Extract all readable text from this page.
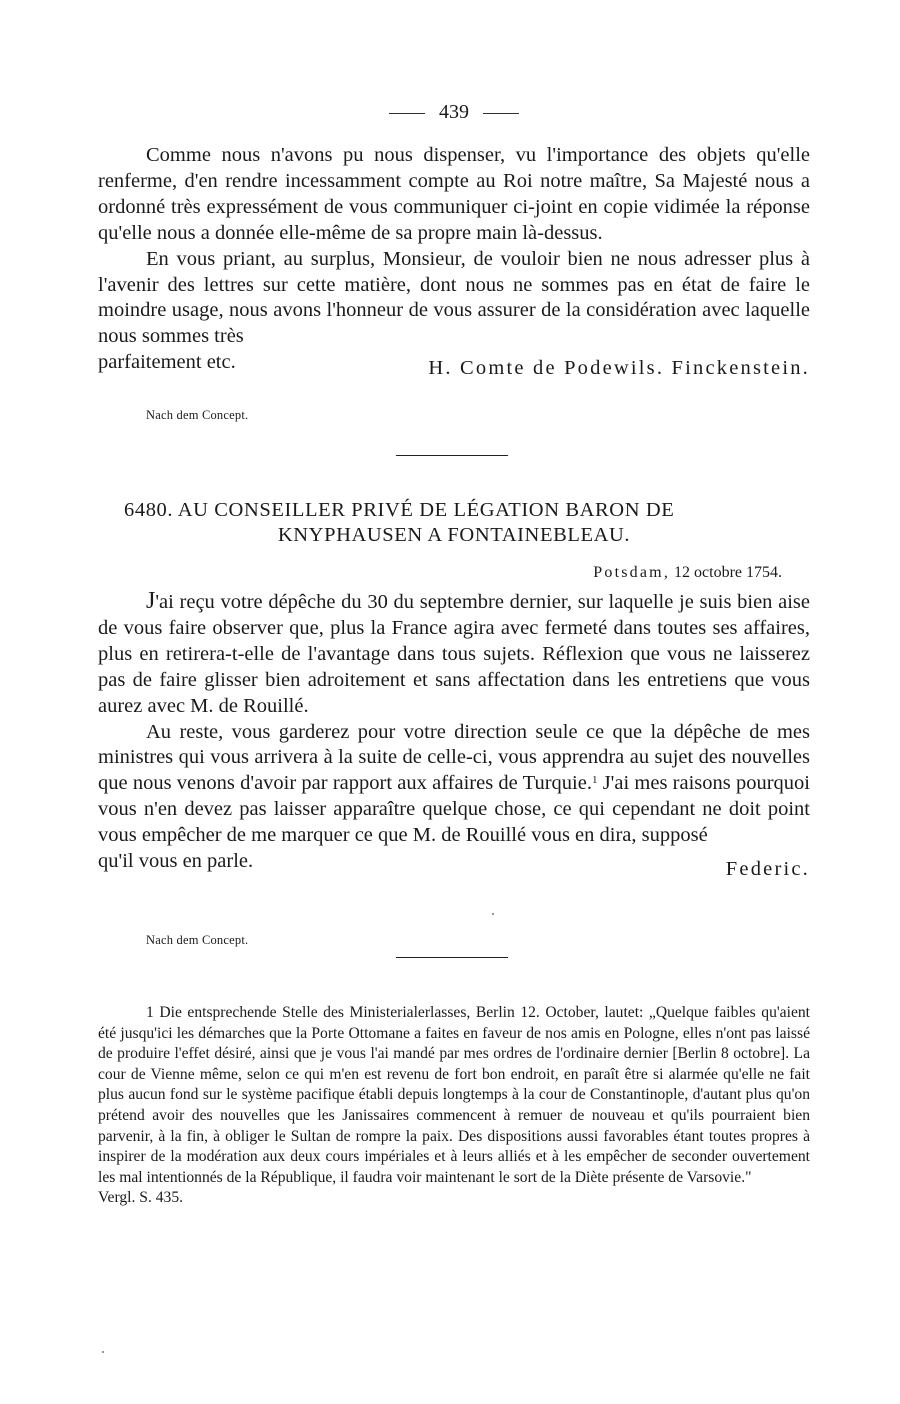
439

Comme nous n'avons pu nous dispenser, vu l'importance des objets qu'elle renferme, d'en rendre incessamment compte au Roi notre maître, Sa Majesté nous a ordonné très expressément de vous communiquer ci-joint en copie vidimée la réponse qu'elle nous a donnée elle-même de sa propre main là-dessus.

En vous priant, au surplus, Monsieur, de vouloir bien ne nous adresser plus à l'avenir des lettres sur cette matière, dont nous ne sommes pas en état de faire le moindre usage, nous avons l'honneur de vous assurer de la considération avec laquelle nous sommes très

parfaitement etc.	H. Comte de Podewils. Finckenstein.
Nach dem Concept.
6480. AU CONSEILLER PRIVÉ DE LÉGATION BARON DE
KNYPHAUSEN A FONTAINEBLEAU.
Potsdam, 12 octobre 1754.

J'ai reçu votre dépêche du 30 du septembre dernier, sur laquelle je suis bien aise de vous faire observer que, plus la France agira avec fermeté dans toutes ses affaires, plus en retirera-t-elle de l'avantage dans tous sujets. Réflexion que vous ne laisserez pas de faire glisser bien adroitement et sans affectation dans les entretiens que vous aurez avec M. de Rouillé.

Au reste, vous garderez pour votre direction seule ce que la dépêche de mes ministres qui vous arrivera à la suite de celle-ci, vous apprendra au sujet des nouvelles que nous venons d'avoir par rapport aux affaires de Turquie.$^1$ J'ai mes raisons pourquoi vous n'en devez pas laisser apparaître quelque chose, ce qui cependant ne doit point vous empêcher de me marquer ce que M. de Rouillé vous en dira, supposé

qu'il vous en parle.	Federic.
Nach dem Concept.

1 Die entsprechende Stelle des Ministerialerlasses, Berlin 12. October, lautet: „Quelque faibles qu'aient été jusqu'ici les démarches que la Porte Ottomane a faites en faveur de nos amis en Pologne, elles n'ont pas laissé de produire l'effet désiré, ainsi que je vous l'ai mandé par mes ordres de l'ordinaire dernier [Berlin 8 octobre]. La cour de Vienne même, selon ce qui m'en est revenu de fort bon endroit, en paraît être si alarmée qu'elle ne fait plus aucun fond sur le système pacifique établi depuis longtemps à la cour de Constantinople, d'autant plus qu'on prétend avoir des nouvelles que les Janissaires commencent à remuer de nouveau et qu'ils pourraient bien parvenir, à la fin, à obliger le Sultan de rompre la paix. Des dispositions aussi favorables étant toutes propres à inspirer de la modération aux deux cours impériales et à leurs alliés et à les empêcher de seconder ouvertement les mal intentionnés de la République, il faudra voir maintenant le sort de la Diète présente de Varsovie."

Vergl. S. 435.
